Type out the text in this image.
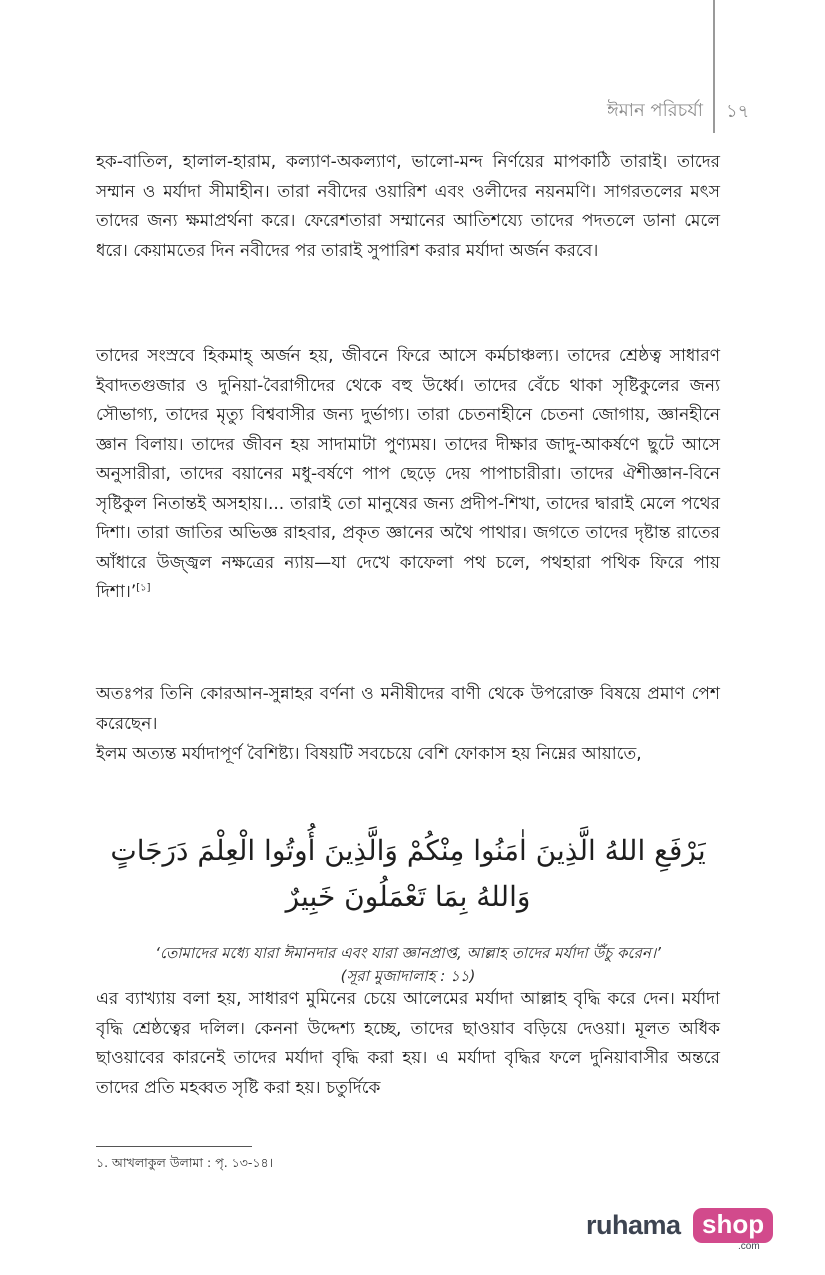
ঈমান পরিচর্যা ১৭
হক-বাতিল, হালাল-হারাম, কল্যাণ-অকল্যাণ, ভালো-মন্দ নির্ণয়ের মাপকাঠি তারাই। তাদের সম্মান ও মর্যাদা সীমাহীন। তারা নবীদের ওয়ারিশ এবং ওলীদের নয়নমণি। সাগরতলের মৎস তাদের জন্য ক্ষমাপ্রর্থনা করে। ফেরেশতারা সম্মানের আতিশয্যে তাদের পদতলে ডানা মেলে ধরে। কেয়ামতের দিন নবীদের পর তারাই সুপারিশ করার মর্যাদা অর্জন করবে।
তাদের সংস্রবে হিকমাহ্ অর্জন হয়, জীবনে ফিরে আসে কর্মচাঞ্চল্য। তাদের শ্রেষ্ঠত্ব সাধারণ ইবাদতগুজার ও দুনিয়া-বৈরাগীদের থেকে বহু উর্ধ্বে। তাদের বেঁচে থাকা সৃষ্টিকুলের জন্য সৌভাগ্য, তাদের মৃত্যু বিশ্ববাসীর জন্য দুর্ভাগ্য। তারা চেতনাহীনে চেতনা জোগায়, জ্ঞানহীনে জ্ঞান বিলায়। তাদের জীবন হয় সাদামাটা পুণ্যময়। তাদের দীক্ষার জাদু-আকর্ষণে ছুটে আসে অনুসারীরা, তাদের বয়ানের মধু-বর্ষণে পাপ ছেড়ে দেয় পাপাচারীরা। তাদের ঐশীজ্ঞান-বিনে সৃষ্টিকুল নিতান্তই অসহায়।... তারাই তো মানুষের জন্য প্রদীপ-শিখা, তাদের দ্বারাই মেলে পথের দিশা। তারা জাতির অভিজ্ঞ রাহবার, প্রকৃত জ্ঞানের অথৈ পাথার। জগতে তাদের দৃষ্টান্ত রাতের আঁধারে উজ্জ্বল নক্ষত্রের ন্যায়—যা দেখে কাফেলা পথ চলে, পথহারা পথিক ফিরে পায় দিশা।’[১]
অতঃপর তিনি কোরআন-সুন্নাহর বর্ণনা ও মনীষীদের বাণী থেকে উপরোক্ত বিষয়ে প্রমাণ পেশ করেছেন।
ইলম অত্যন্ত মর্যাদাপূর্ণ বৈশিষ্ট্য। বিষয়টি সবচেয়ে বেশি ফোকাস হয় নিম্নের আয়াতে,
يَرْفَعِ اللهُ الَّذِينَ اٰمَنُوا مِنْكُمْ وَالَّذِينَ أُوتُوا الْعِلْمَ دَرَجَاتٍ
وَاللهُ بِمَا تَعْمَلُونَ خَبِيرٌ
‘তোমাদের মধ্যে যারা ঈমানদার এবং যারা জ্ঞানপ্রাপ্ত, আল্লাহ তাদের মর্যাদা উঁচু করেন।’
(সূরা মুজাদালাহ : ১১)
এর ব্যাখ্যায় বলা হয়, সাধারণ মুমিনের চেয়ে আলেমের মর্যাদা আল্লাহ বৃদ্ধি করে দেন। মর্যাদা বৃদ্ধি শ্রেষ্ঠত্বের দলিল। কেননা উদ্দেশ্য হচ্ছে, তাদের ছাওয়াব বড়িয়ে দেওয়া। মূলত অধিক ছাওয়াবের কারনেই তাদের মর্যাদা বৃদ্ধি করা হয়। এ মর্যাদা বৃদ্ধির ফলে দুনিয়াবাসীর অন্তরে তাদের প্রতি মহব্বত সৃষ্টি করা হয়। চতুর্দিকে
১. আখলাকুল উলামা : পৃ. ১৩-১৪।
ruhama shop
.com
